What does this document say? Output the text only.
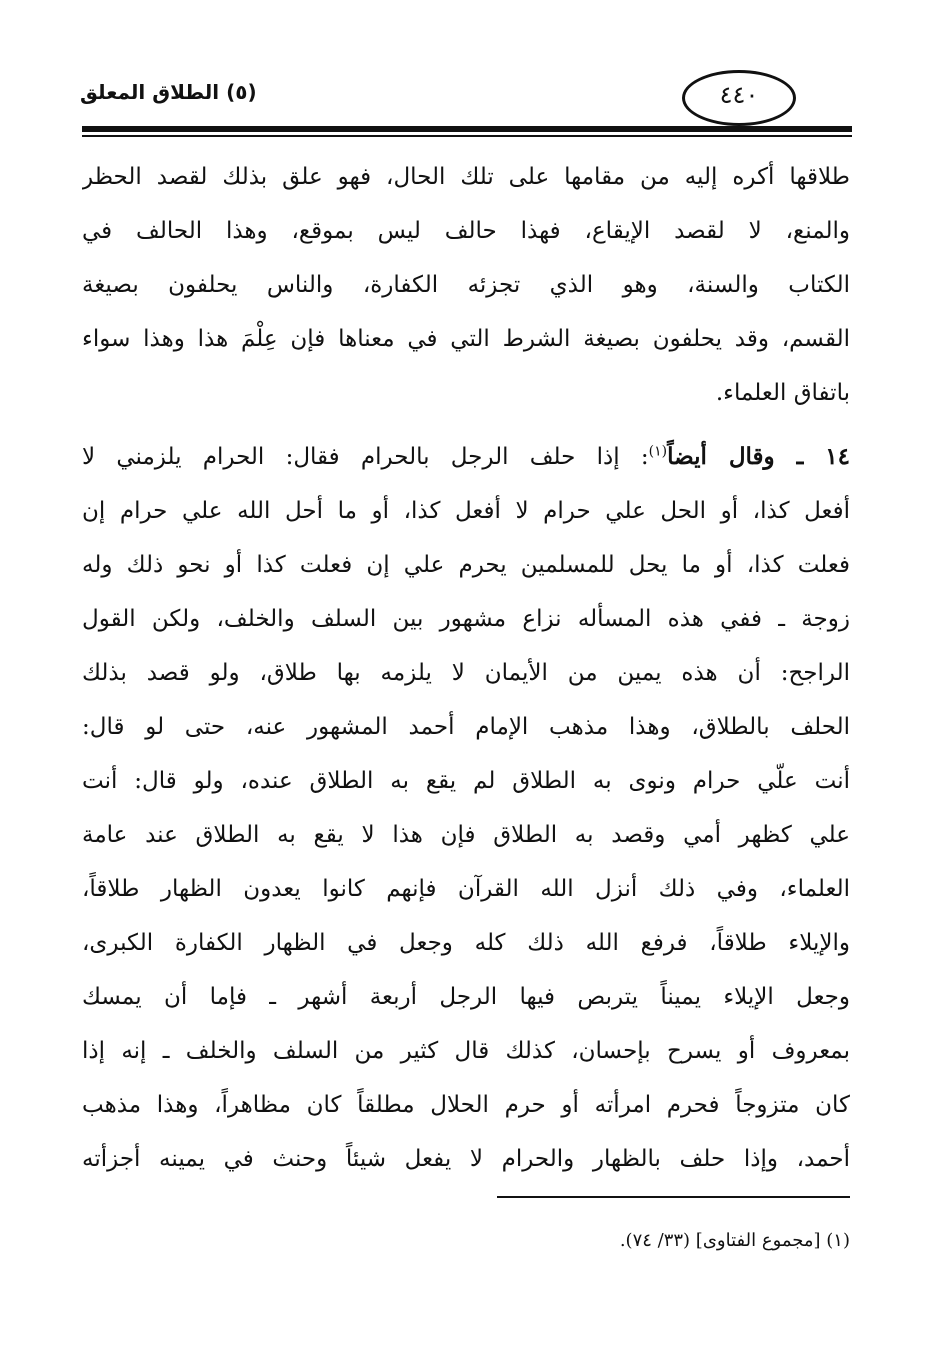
(٥) الطلاق المعلق	٤٤٠
طلاقها أكره إليه من مقامها على تلك الحال، فهو علق بذلك لقصد الحظر
والمنع، لا لقصد الإيقاع، فهذا حالف ليس بموقع، وهذا الحالف في
الكتاب والسنة، وهو الذي تجزئه الكفارة، والناس يحلفون بصيغة
القسم، وقد يحلفون بصيغة الشرط التي في معناها فإن عِلْمَ هذا وهذا سواء
باتفاق العلماء.
١٤ ـ وقال أيضاً$^{(١)}$: إذا حلف الرجل بالحرام فقال: الحرام يلزمني لا
أفعل كذا، أو الحل علي حرام لا أفعل كذا، أو ما أحل الله علي حرام إن
فعلت كذا، أو ما يحل للمسلمين يحرم علي إن فعلت كذا أو نحو ذلك وله
زوجة ـ ففي هذه المسأله نزاع مشهور بين السلف والخلف، ولكن القول
الراجح: أن هذه يمين من الأيمان لا يلزمه بها طلاق، ولو قصد بذلك
الحلف بالطلاق، وهذا مذهب الإمام أحمد المشهور عنه، حتى لو قال:
أنت علّي حرام ونوى به الطلاق لم يقع به الطلاق عنده، ولو قال: أنت
علي كظهر أمي وقصد به الطلاق فإن هذا لا يقع به الطلاق عند عامة
العلماء، وفي ذلك أنزل الله القرآن فإنهم كانوا يعدون الظهار طلاقاً،
والإيلاء طلاقاً، فرفع الله ذلك كله وجعل في الظهار الكفارة الكبرى،
وجعل الإيلاء يميناً يتربص فيها الرجل أربعة أشهر ـ فإما أن يمسك
بمعروف أو يسرح بإحسان، كذلك قال كثير من السلف والخلف ـ إنه إذا
كان متزوجاً فحرم امرأته أو حرم الحلال مطلقاً كان مظاهراً، وهذا مذهب
أحمد، وإذا حلف بالظهار والحرام لا يفعل شيئاً وحنث في يمينه أجزأته
(١) [مجموع الفتاوى] (٣٣/ ٧٤).
